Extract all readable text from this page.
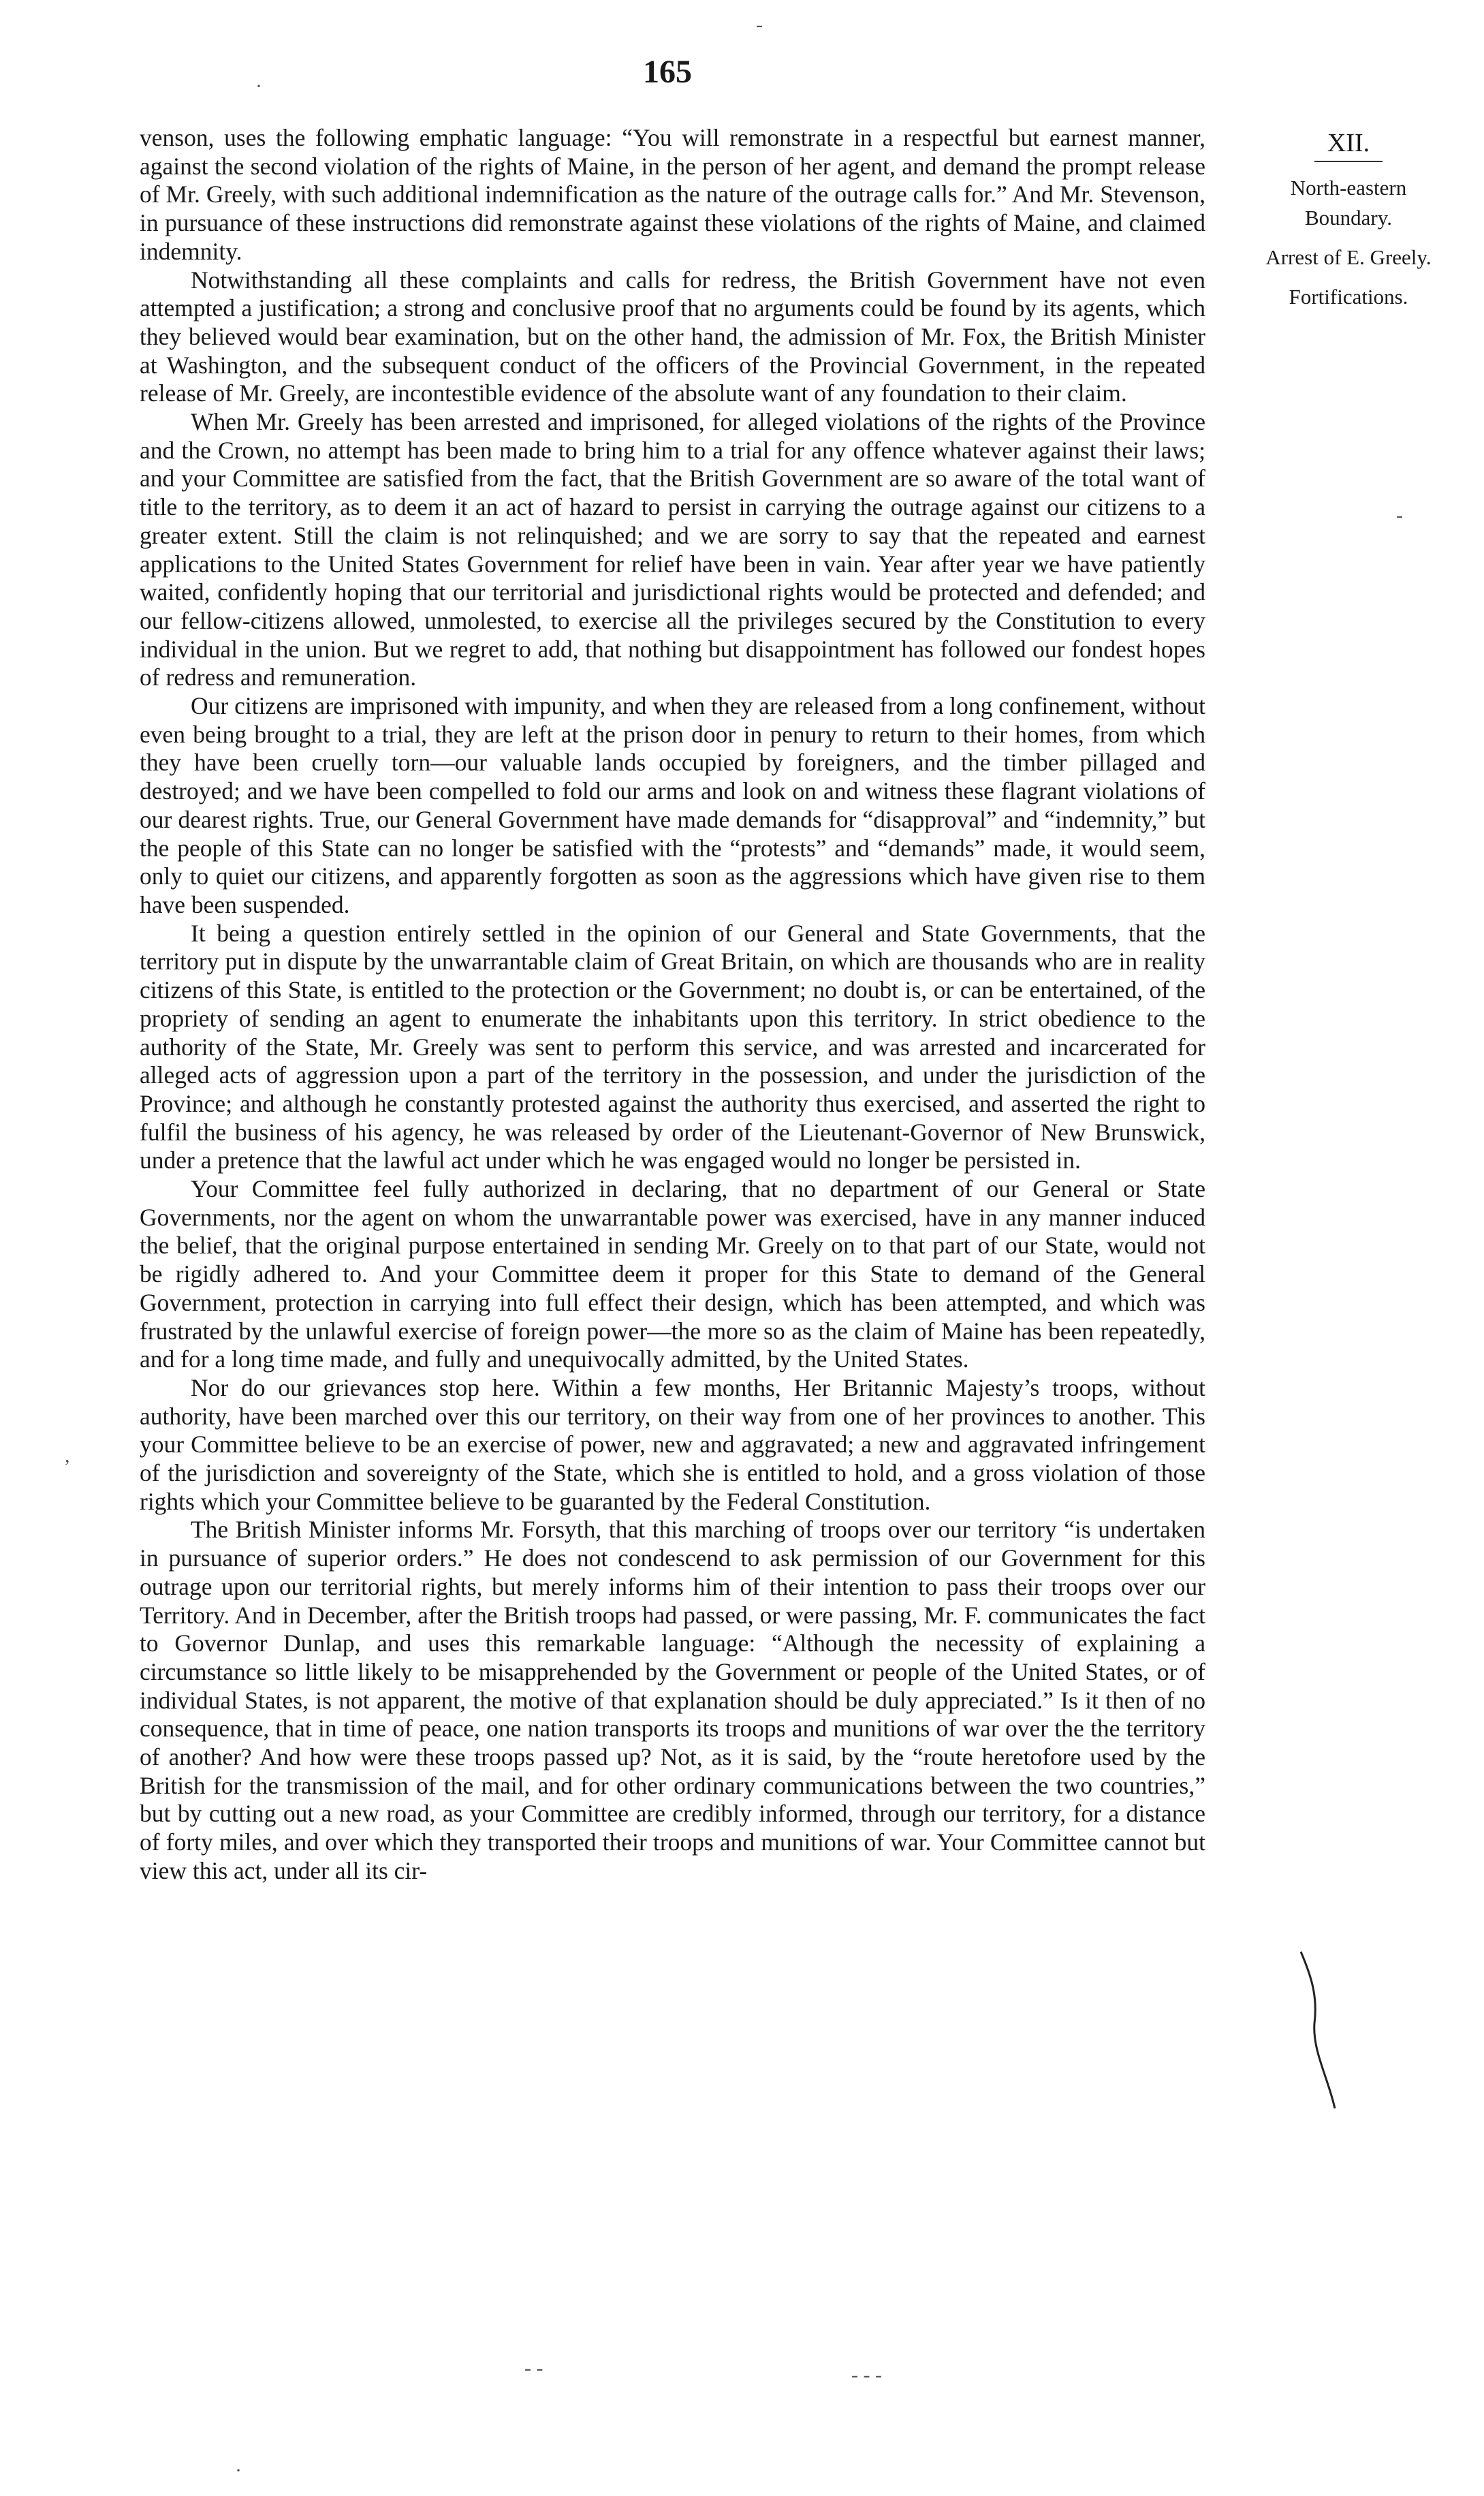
165

venson, uses the following emphatic language: “You will remonstrate in a respectful but earnest manner, against the second violation of the rights of Maine, in the person of her agent, and demand the prompt release of Mr. Greely, with such additional indemnification as the nature of the outrage calls for.” And Mr. Stevenson, in pursuance of these instructions did remonstrate against these violations of the rights of Maine, and claimed indemnity.

Notwithstanding all these complaints and calls for redress, the British Government have not even attempted a justification; a strong and conclusive proof that no arguments could be found by its agents, which they believed would bear examination, but on the other hand, the admission of Mr. Fox, the British Minister at Washington, and the subsequent conduct of the officers of the Provincial Government, in the repeated release of Mr. Greely, are incontestible evidence of the absolute want of any foundation to their claim.

When Mr. Greely has been arrested and imprisoned, for alleged violations of the rights of the Province and the Crown, no attempt has been made to bring him to a trial for any offence whatever against their laws; and your Committee are satisfied from the fact, that the British Government are so aware of the total want of title to the territory, as to deem it an act of hazard to persist in carrying the outrage against our citizens to a greater extent. Still the claim is not relinquished; and we are sorry to say that the repeated and earnest applications to the United States Government for relief have been in vain. Year after year we have patiently waited, confidently hoping that our territorial and jurisdictional rights would be protected and defended; and our fellow-citizens allowed, unmolested, to exercise all the privileges secured by the Constitution to every individual in the union. But we regret to add, that nothing but disappointment has followed our fondest hopes of redress and remuneration.

Our citizens are imprisoned with impunity, and when they are released from a long confinement, without even being brought to a trial, they are left at the prison door in penury to return to their homes, from which they have been cruelly torn—our valuable lands occupied by foreigners, and the timber pillaged and destroyed; and we have been compelled to fold our arms and look on and witness these flagrant violations of our dearest rights. True, our General Government have made demands for “disapproval” and “indemnity,” but the people of this State can no longer be satisfied with the “protests” and “demands” made, it would seem, only to quiet our citizens, and apparently forgotten as soon as the aggressions which have given rise to them have been suspended.

It being a question entirely settled in the opinion of our General and State Governments, that the territory put in dispute by the unwarrantable claim of Great Britain, on which are thousands who are in reality citizens of this State, is entitled to the protection or the Government; no doubt is, or can be entertained, of the propriety of sending an agent to enumerate the inhabitants upon this territory. In strict obedience to the authority of the State, Mr. Greely was sent to perform this service, and was arrested and incarcerated for alleged acts of aggression upon a part of the territory in the possession, and under the jurisdiction of the Province; and although he constantly protested against the authority thus exercised, and asserted the right to fulfil the business of his agency, he was released by order of the Lieutenant-Governor of New Brunswick, under a pretence that the lawful act under which he was engaged would no longer be persisted in.

Your Committee feel fully authorized in declaring, that no department of our General or State Governments, nor the agent on whom the unwarrantable power was exercised, have in any manner induced the belief, that the original purpose entertained in sending Mr. Greely on to that part of our State, would not be rigidly adhered to. And your Committee deem it proper for this State to demand of the General Government, protection in carrying into full effect their design, which has been attempted, and which was frustrated by the unlawful exercise of foreign power—the more so as the claim of Maine has been repeatedly, and for a long time made, and fully and unequivocally admitted, by the United States.

Nor do our grievances stop here. Within a few months, Her Britannic Majesty’s troops, without authority, have been marched over this our territory, on their way from one of her provinces to another. This your Committee believe to be an exercise of power, new and aggravated; a new and aggravated infringement of the jurisdiction and sovereignty of the State, which she is entitled to hold, and a gross violation of those rights which your Committee believe to be guaranted by the Federal Constitution.

The British Minister informs Mr. Forsyth, that this marching of troops over our territory “is undertaken in pursuance of superior orders.” He does not condescend to ask permission of our Government for this outrage upon our territorial rights, but merely informs him of their intention to pass their troops over our Territory. And in December, after the British troops had passed, or were passing, Mr. F. communicates the fact to Governor Dunlap, and uses this remarkable language: “Although the necessity of explaining a circumstance so little likely to be misapprehended by the Government or people of the United States, or of individual States, is not apparent, the motive of that explanation should be duly appreciated.” Is it then of no consequence, that in time of peace, one nation transports its troops and munitions of war over the the territory of another? And how were these troops passed up? Not, as it is said, by the “route heretofore used by the British for the transmission of the mail, and for other ordinary communications between the two countries,” but by cutting out a new road, as your Committee are credibly informed, through our territory, for a distance of forty miles, and over which they transported their troops and munitions of war. Your Committee cannot but view this act, under all its cir-

XII.
North-eastern
Boundary.
Arrest of E. Greely.
Fortifications.
·
-
-
,
- -	- - -
·
